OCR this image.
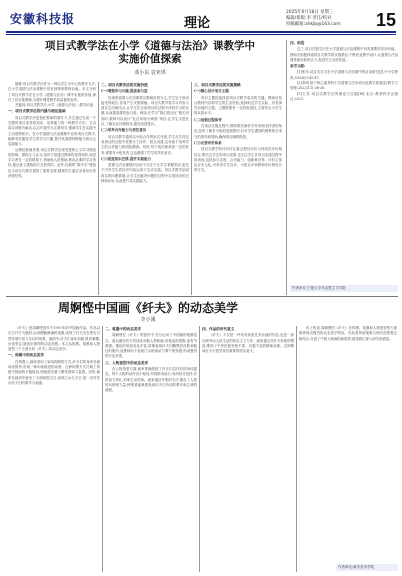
安徽科技报	理论
2025年6月18日 星期三
编辑/排版:李 责任/校对
投稿邮箱:ahkjb@163.com 15
项目式教学法在小学《道德与法治》课教学中
实施价值探索
邓小东 袁亚琪

摘要:项目式教学法作为一种以学生为中心的教学方法,在小学道德与法治课程中具有独特的教育价值。本文分析了项目式教学法在小学《道德与法治》课中实施的价值,探讨了其实施策略,为提升课堂教学质量提供参考。

关键词:项目式教学法;小学《道德与法治》;教学价值

一、项目式教学法的内涵与理论基础

项目式教学法是指在教师的指导下,学生通过完成一个完整的项目来获取知识、培养能力的一种教学方法。它以真实问题为驱动,以合作探究为主要形式,强调学生在实践中主动建构知识。在小学道德与法治课程中应用项目式教学,能够有效激发学生的学习兴趣,提升其道德判断能力和社会实践能力。

从理论基础来看,项目式教学法深受建构主义学习理论的影响。建构主义认为,知识不是通过教师传授得到的,而是学习者在一定的情境下,借助他人的帮助,利用必要的学习资料,通过意义建构的方式获得的。此外,杜威的“做中学”理论也为项目式教学提供了重要支撑,强调学生通过亲身经历来获得经验。

二、项目式教学法的实施价值
(一)增强学习兴趣,提高参与度

传统的道德与法治课堂以教师讲授为主,学生处于被动接受的地位,容易产生厌倦情绪。项目式教学将学习内容与真实生活相结合,让学生在完成项目的过程中体验学习的乐趣,从而提高课堂参与度。例如,在学习“我们的社区”相关内容时,教师可以设计“社区环境小调查”项目,让学生走进社区,了解社区环境现状,提出改进建议。

(二)培养合作能力与责任意识

项目式教学通常以小组合作的形式开展,学生在共同完成项目的过程中需要分工协作、相互沟通,这有助于培养学生的合作能力和团队精神。同时,每个成员都承担一定的任务,需要对小组负责,这也增强了学生的责任意识。

(三)促进知识迁移,提升实践能力

道德与法治课程的目标不仅在于让学生掌握知识,更在于引导学生将所学内容运用于生活实践。项目式教学创设真实的问题情境,让学生在解决问题的过程中实现知识的迁移和应用,从而提升其实践能力。

三、项目式教学法的实施策略
(一)精心设计项目主题

项目主题的选择是项目式教学成功的关键。教师应结合教材内容和学生的生活经验,选择贴近学生实际、具有探究价值的主题。主题既要有一定的挑战性,又要符合小学生的认知水平。

(二)加强过程指导

在项目实施过程中,教师要扮演好引导者和支持者的角色,及时了解各小组的进展情况,针对学生遇到的困难给予适当的指导和帮助,确保项目顺利推进。

(三)完善评价体系

项目式教学的评价应注重过程性评价与终结性评价相结合,既关注学生的项目成果,也关注学生在项目实施过程中的表现,包括参与态度、合作能力、创新意识等。评价主体也应多元化,可采用学生自评、小组互评和教师评价相结合的方式。

四、结语

总之,项目式教学法在小学道德与法治课程中具有重要的应用价值。教师应积极探索项目式教学的实施路径,不断优化教学设计,让道德与法治课堂焕发新的活力,促进学生全面发展。

参考文献:

[1]张华.项目式学习在小学道德与法治课中的应用研究[J].中小学教育,2023(5):45-47.

[2]李明.基于核心素养的小学道德与法治项目化教学探索[J].教学与管理,2022(11):36-38.

[3]王芳.项目式教学法的理论与实践[M].北京:教育科学出版社,2021.

作者单位:宁夏大学马克思主义学院
周婀悭中国画《纤夫》的动态美学
李小溪

《纤夫》是周婀悭创作于1987年的中国画作品。作品以长江纤夫为题材,运用酣畅淋漓的笔墨,表现了纤夫们在恶劣自然环境中奋力拉纤的场景。画面中,纤夫们身体前倾,肌肉紧绷,步伐坚定,展现出强烈的动态美感。本文从构图、笔墨和人物造型三个方面分析《纤夫》的动态美学。

一、构图中的动态美学

在构图上,画家采用了斜线构图的方式,纤夫们的身体呈倾斜状排列,形成一种向前推进的动势。这种构图方式打破了传统中国画的平稳格局,使画面充满了紧张感和力量感。同时,画家在画面中留出了大面积的空白,表现江水与天空,进一步衬托出纤夫们的艰辛与顽强。

二、笔墨中的动态美学

周婀悭在《纤夫》的创作中,充分运用了中国画的笔墨语言。他以遒劲有力的线条勾勒人物轮廓,用笔迅疾果断,富有节奏感。墨色的浓淡变化丰富,浓墨表现纤夫们黝黑的皮肤和粗壮的肌肉,淡墨则用于表现江水的流动与雾气的弥漫,形成强烈的对比效果。

三、人物造型中的动态美学

在人物造型方面,画家准确把握了纤夫们拉纤时的身体姿态。每个人物的动作各不相同,有的俯身前行,有的咬牙坚持,有的奋力挣扎,形象生动传神。画家通过夸张的手法,强化了人物的动势和力量,使观者能够感受到纤夫们劳动的艰辛和生命的顽强。

四、作品的时代意义

《纤夫》不仅是一件具有高度艺术价值的作品,也是一部反映劳动人民生活的现实主义力作。画家通过对纤夫形象的塑造,歌颂了中华民族坚韧不拔、自强不息的精神品格。这种精神在今天依然具有重要的现实意义。

综上所述,周婀悭的《纤夫》在构图、笔墨和人物造型等方面都体现出强烈的动态美学特征。作品将传统笔墨与现代造型观念相结合,开创了中国人物画的新境界,值得我们深入研究和借鉴。

作者单位:重庆美术学院
